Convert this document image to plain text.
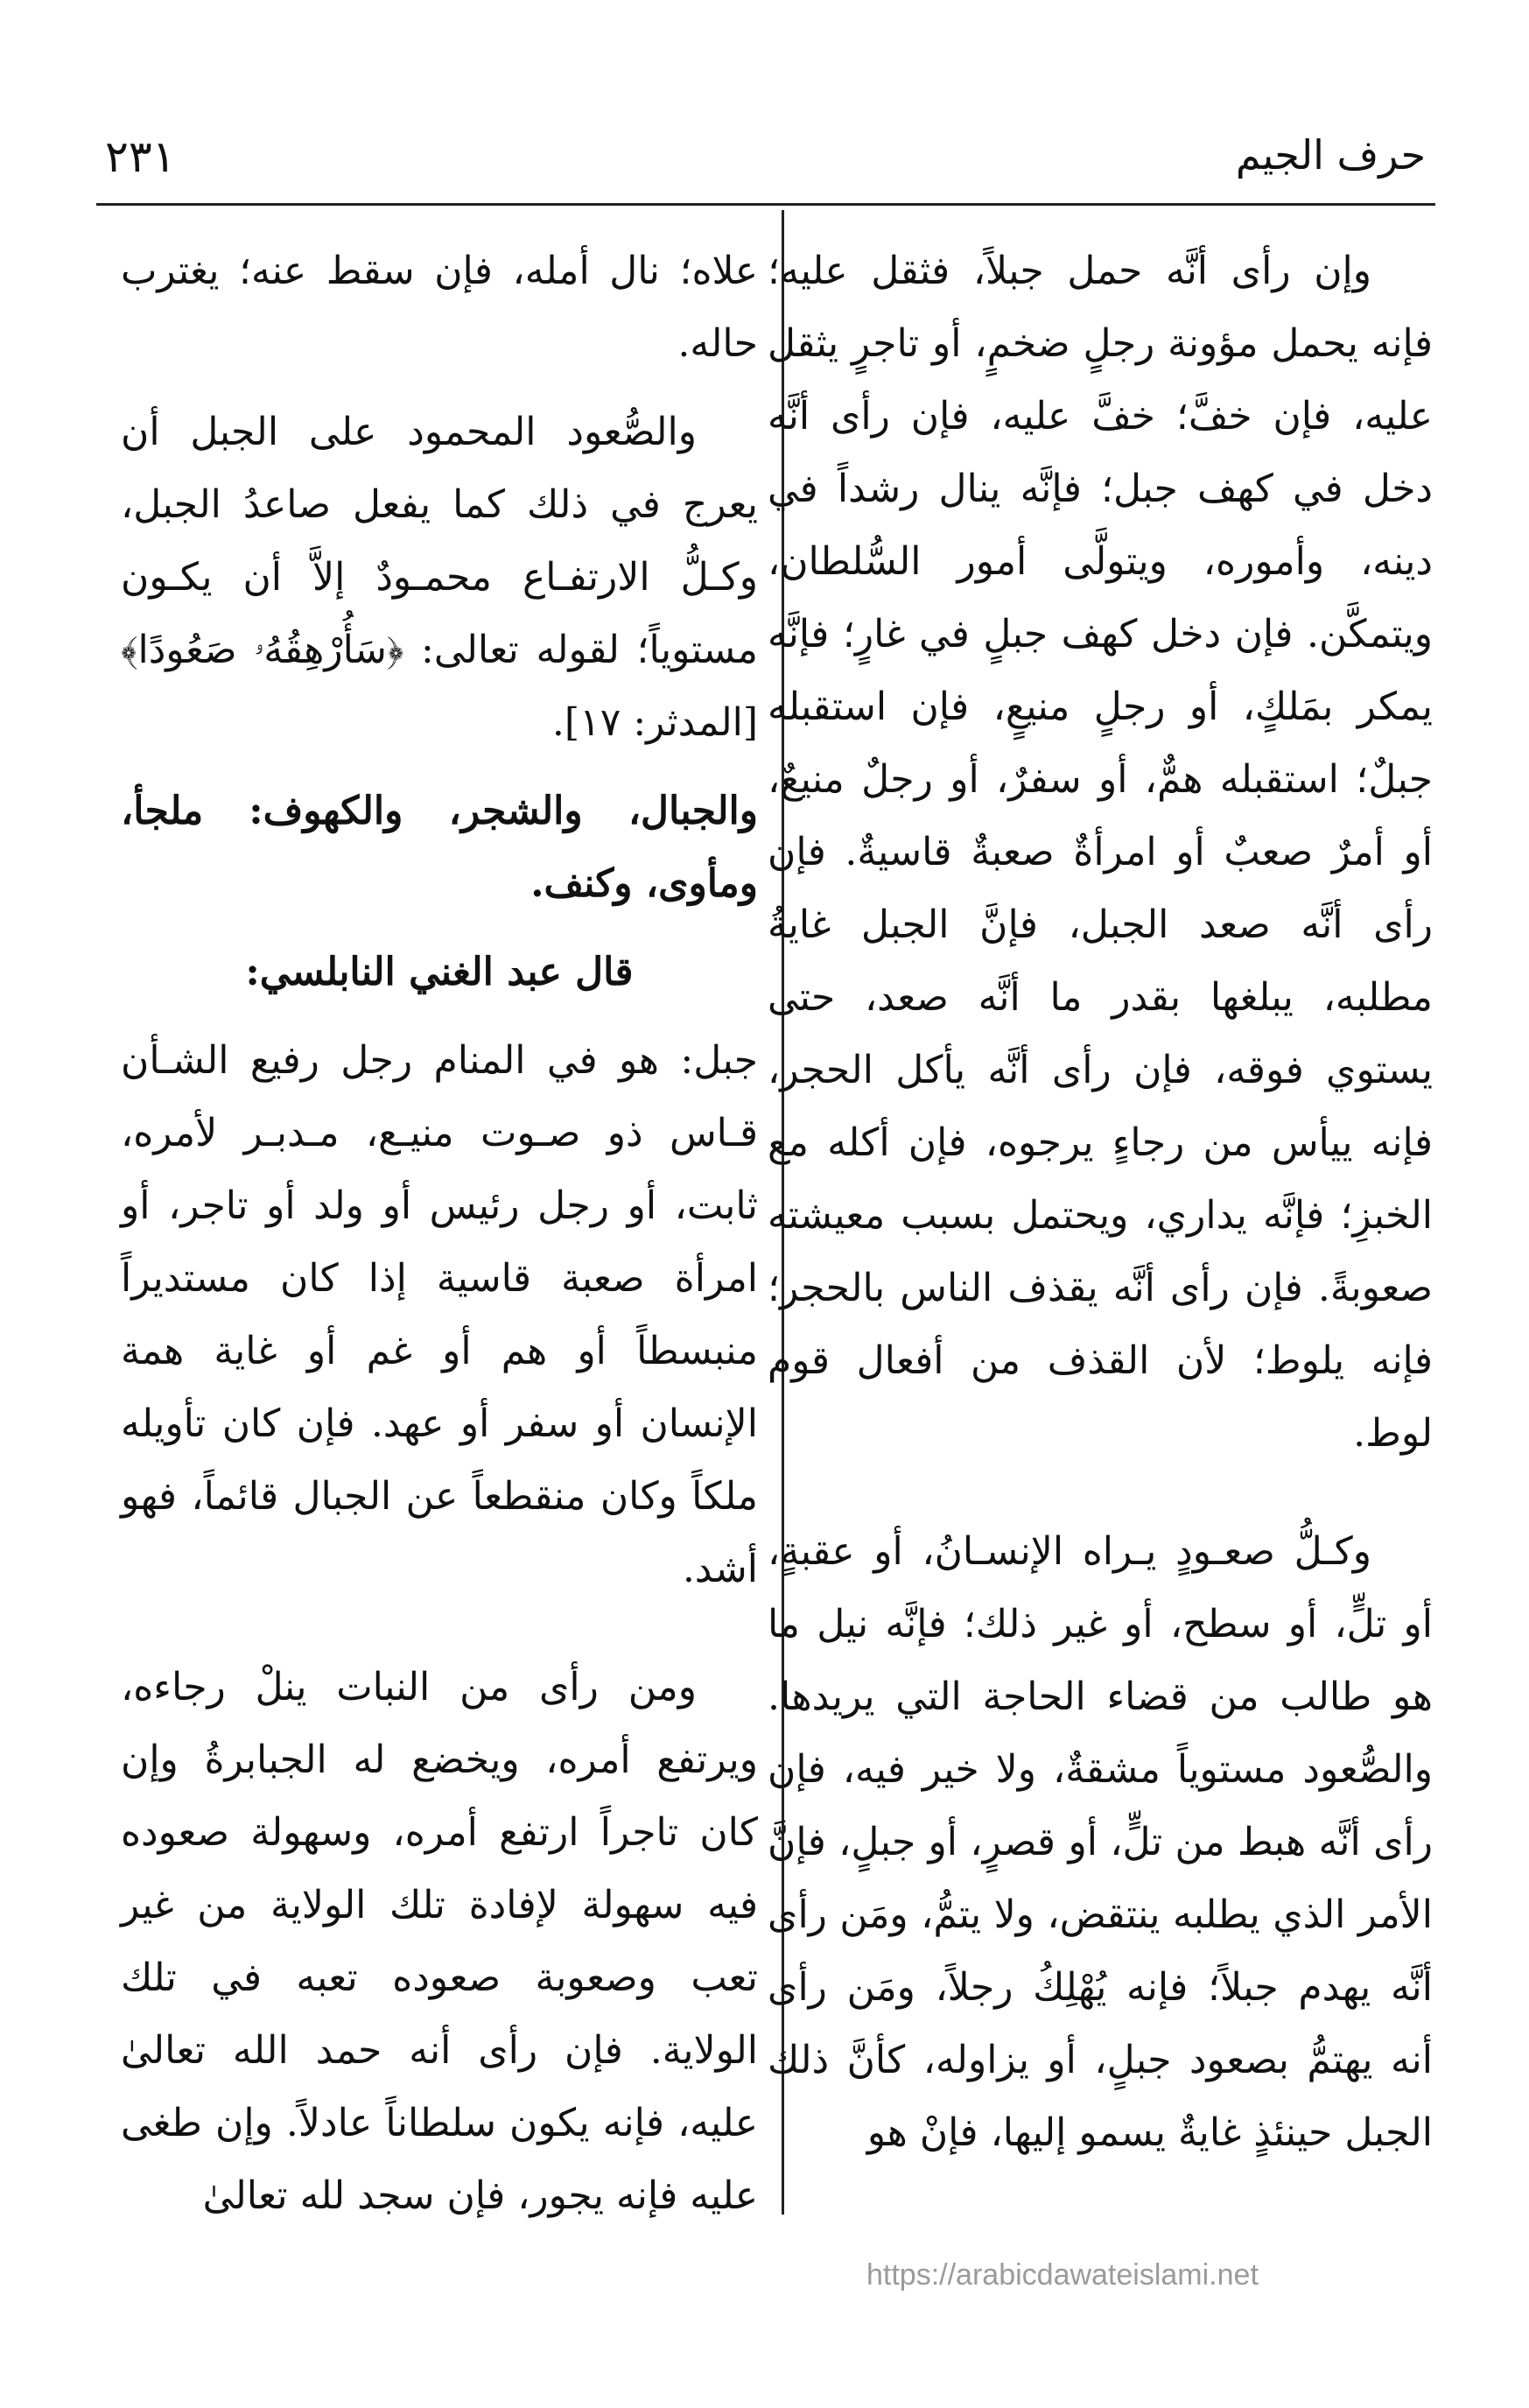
حرف الجيم
٢٣١

وإن رأى أنَّه حمل جبلاً، فثقل عليه؛ فإنه يحمل مؤونة رجلٍ ضخمٍ، أو تاجرٍ يثقل عليه، فإن خفَّ؛ خفَّ عليه، فإن رأى أنَّه دخل في كهف جبل؛ فإنَّه ينال رشداً في دينه، وأموره، ويتولَّى أمور السُّلطان، ويتمكَّن. فإن دخل كهف جبلٍ في غارٍ؛ فإنَّه يمكر بمَلكٍ، أو رجلٍ منيعٍ، فإن استقبله جبلٌ؛ استقبله همٌّ، أو سفرٌ، أو رجلٌ منيعٌ، أو أمرٌ صعبٌ أو امرأةٌ صعبةٌ قاسيةٌ. فإن رأى أنَّه صعد الجبل، فإنَّ الجبل غايةُ مطلبه، يبلغها بقدر ما أنَّه صعد، حتى يستوي فوقه، فإن رأى أنَّه يأكل الحجر، فإنه ييأس من رجاءٍ يرجوه، فإن أكله مع الخبزِ؛ فإنَّه يداري، ويحتمل بسبب معيشته صعوبةً. فإن رأى أنَّه يقذف الناس بالحجر؛ فإنه يلوط؛ لأن القذف من أفعال قوم لوط.

وكـلُّ صعـودٍ يـراه الإنسـانُ، أو عقبةٍ، أو تلٍّ، أو سطح، أو غير ذلك؛ فإنَّه نيل ما هو طالب من قضاء الحاجة التي يريدها. والصُّعود مستوياً مشقةٌ، ولا خير فيه، فإن رأى أنَّه هبط من تلٍّ، أو قصرٍ، أو جبلٍ، فإنَّ الأمر الذي يطلبه ينتقض، ولا يتمُّ، ومَن رأى أنَّه يهدم جبلاً؛ فإنه يُهْلِكُ رجلاً، ومَن رأى أنه يهتمُّ بصعود جبلٍ، أو يزاوله، كأنَّ ذلك الجبل حينئذٍ غايةٌ يسمو إليها، فإنْ هو

علاه؛ نال أمله، فإن سقط عنه؛ يغترب حاله.

والصُّعود المحمود على الجبل أن يعرج في ذلك كما يفعل صاعدُ الجبل، وكـلُّ الارتفـاع محمـودٌ إلاَّ أن يكـون مستوياً؛ لقوله تعالى: ﴿سَأُرْهِقُهُۥ صَعُودًا﴾ [المدثر: ١٧].

والجبال، والشجر، والكهوف: ملجأ، ومأوى، وكنف.

قال عبد الغني النابلسي:

جبل: هو في المنام رجل رفيع الشـأن قـاس ذو صـوت منيـع، مـدبـر لأمره، ثابت، أو رجل رئيس أو ولد أو تاجر، أو امرأة صعبة قاسية إذا كان مستديراً منبسطاً أو هم أو غم أو غاية همة الإنسان أو سفر أو عهد. فإن كان تأويله ملكاً وكان منقطعاً عن الجبال قائماً، فهو أشد.

ومن رأى من النبات ينلْ رجاءه، ويرتفع أمره، ويخضع له الجبابرةُ وإن كان تاجراً ارتفع أمره، وسهولة صعوده فيه سهولة لإفادة تلك الولاية من غير تعب وصعوبة صعوده تعبه في تلك الولاية. فإن رأى أنه حمد الله تعالىٰ عليه، فإنه يكون سلطاناً عادلاً. وإن طغى عليه فإنه يجور، فإن سجد لله تعالىٰ

https://arabicdawateislami.net
